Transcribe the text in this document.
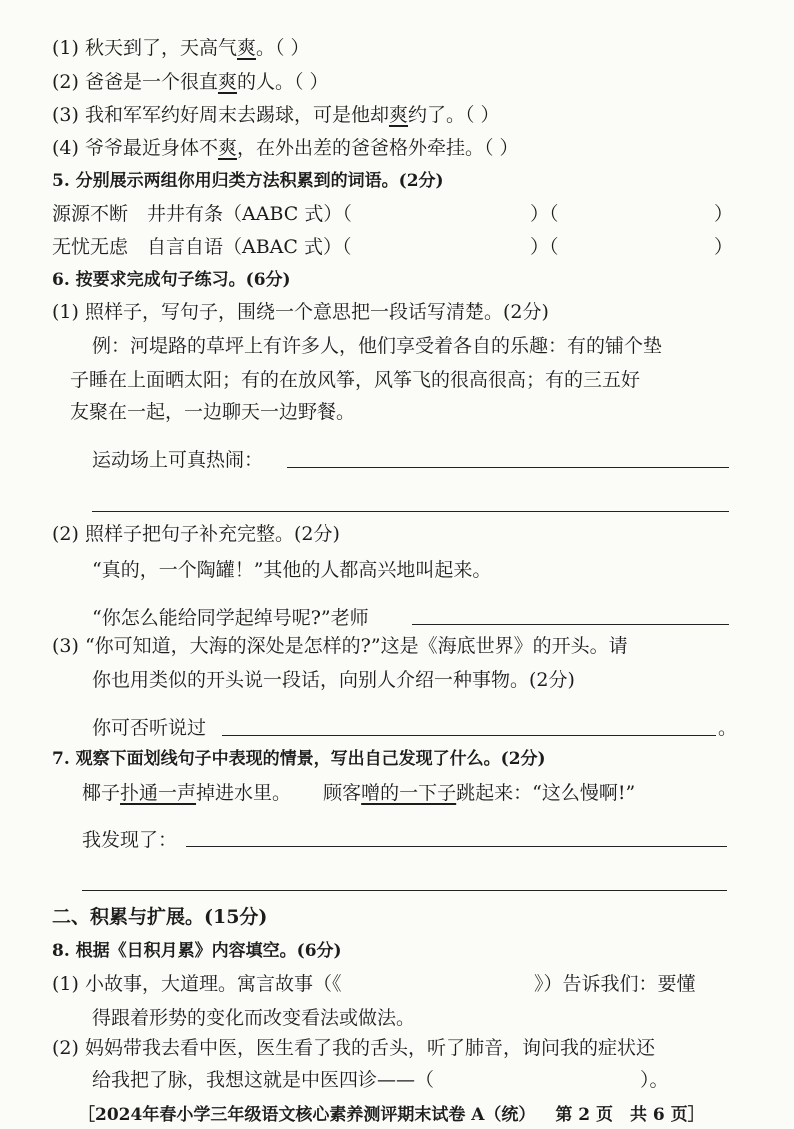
(1) 秋天到了，天高气爽。（ ）
(2) 爸爸是一个很直爽的人。（ ）
(3) 我和军军约好周末去踢球，可是他却爽约了。（ ）
(4) 爷爷最近身体不爽，在外出差的爸爸格外牵挂。（ ）
5. 分别展示两组你用归类方法积累到的词语。(2分)
源源不断　井井有条（AABC 式）（	）（	）
无忧无虑　自言自语（ABAC 式）（	）（	）
6. 按要求完成句子练习。(6分)
(1) 照样子，写句子，围绕一个意思把一段话写清楚。(2分)
例：河堤路的草坪上有许多人，他们享受着各自的乐趣：有的铺个垫
子睡在上面晒太阳；有的在放风筝，风筝飞的很高很高；有的三五好
友聚在一起，一边聊天一边野餐。
运动场上可真热闹：
(2) 照样子把句子补充完整。(2分)
“真的，一个陶罐！”其他的人都高兴地叫起来。
“你怎么能给同学起绰号呢?”老师
(3) “你可知道，大海的深处是怎样的?”这是《海底世界》的开头。请
你也用类似的开头说一段话，向别人介绍一种事物。(2分)
你可否听说过	。
7. 观察下面划线句子中表现的情景，写出自己发现了什么。(2分)
椰子扑通一声掉进水里。 顾客噌的一下子跳起来：“这么慢啊!”
我发现了：
二、积累与扩展。(15分)
8. 根据《日积月累》内容填空。(6分)
(1) 小故事，大道理。寓言故事（《	》）告诉我们：要懂
得跟着形势的变化而改变看法或做法。
(2) 妈妈带我去看中医，医生看了我的舌头，听了肺音，询问我的症状还
给我把了脉，我想这就是中医四诊——（	）。
［2024年春小学三年级语文核心素养测评期末试卷 A（统） 第 2 页　共 6 页］
